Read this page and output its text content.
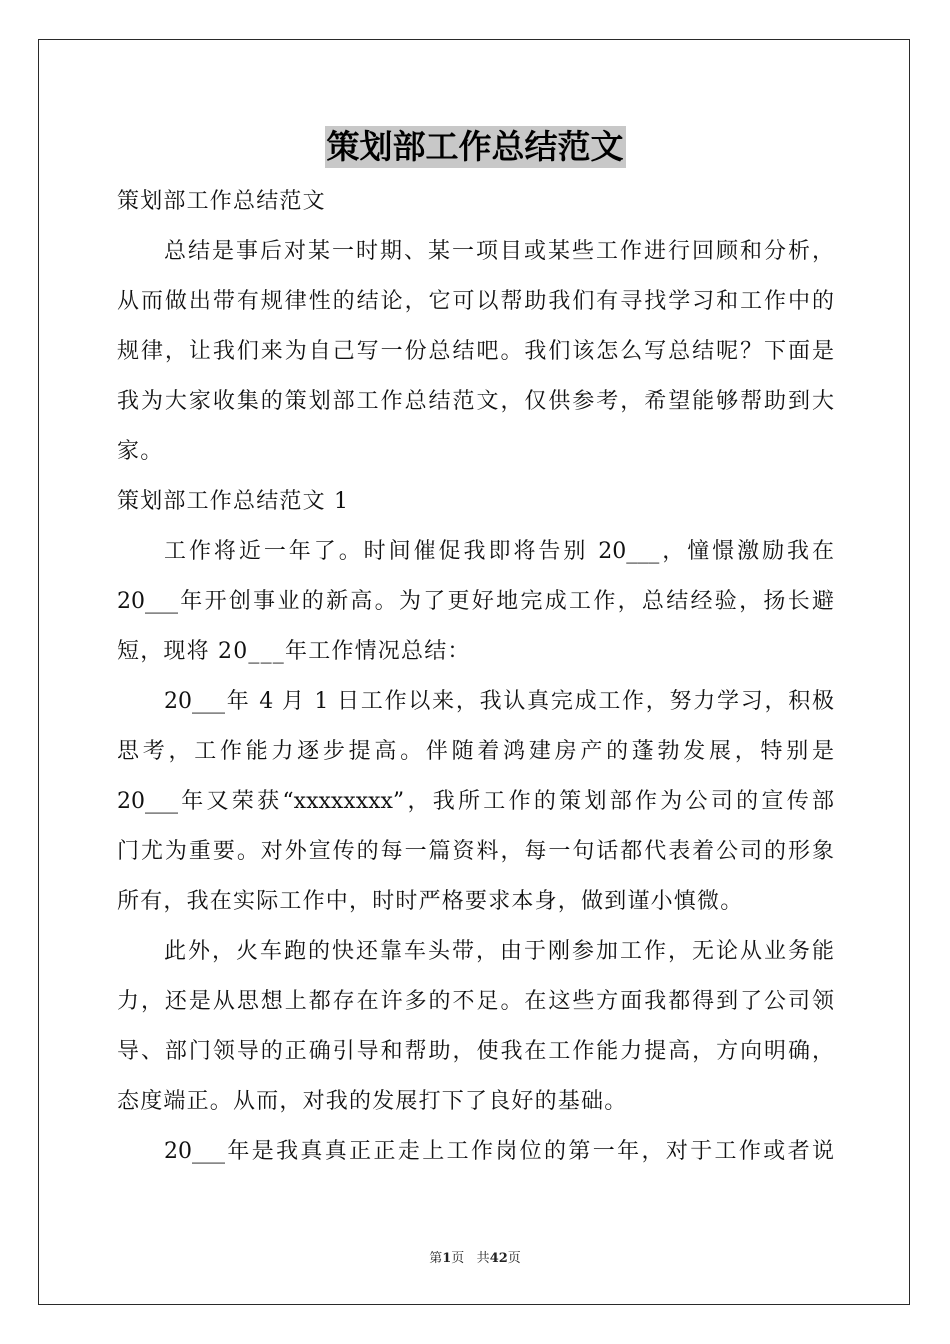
策划部工作总结范文
策划部工作总结范文
总结是事后对某一时期、某一项目或某些工作进行回顾和分析，
从而做出带有规律性的结论，它可以帮助我们有寻找学习和工作中的
规律，让我们来为自己写一份总结吧。我们该怎么写总结呢？下面是
我为大家收集的策划部工作总结范文，仅供参考，希望能够帮助到大
家。
策划部工作总结范文 1
工作将近一年了。时间催促我即将告别 20___，憧憬激励我在
20___年开创事业的新高。为了更好地完成工作，总结经验，扬长避
短，现将 20___年工作情况总结：
20___年 4 月 1 日工作以来，我认真完成工作，努力学习，积极
思考，工作能力逐步提高。伴随着鸿建房产的蓬勃发展，特别是
20___年又荣获“xxxxxxxx”，我所工作的策划部作为公司的宣传部
门尤为重要。对外宣传的每一篇资料，每一句话都代表着公司的形象
所有，我在实际工作中，时时严格要求本身，做到谨小慎微。
此外，火车跑的快还靠车头带，由于刚参加工作，无论从业务能
力，还是从思想上都存在许多的不足。在这些方面我都得到了公司领
导、部门领导的正确引导和帮助，使我在工作能力提高，方向明确，
态度端正。从而，对我的发展打下了良好的基础。
20___年是我真真正正走上工作岗位的第一年，对于工作或者说
第1页 共42页
